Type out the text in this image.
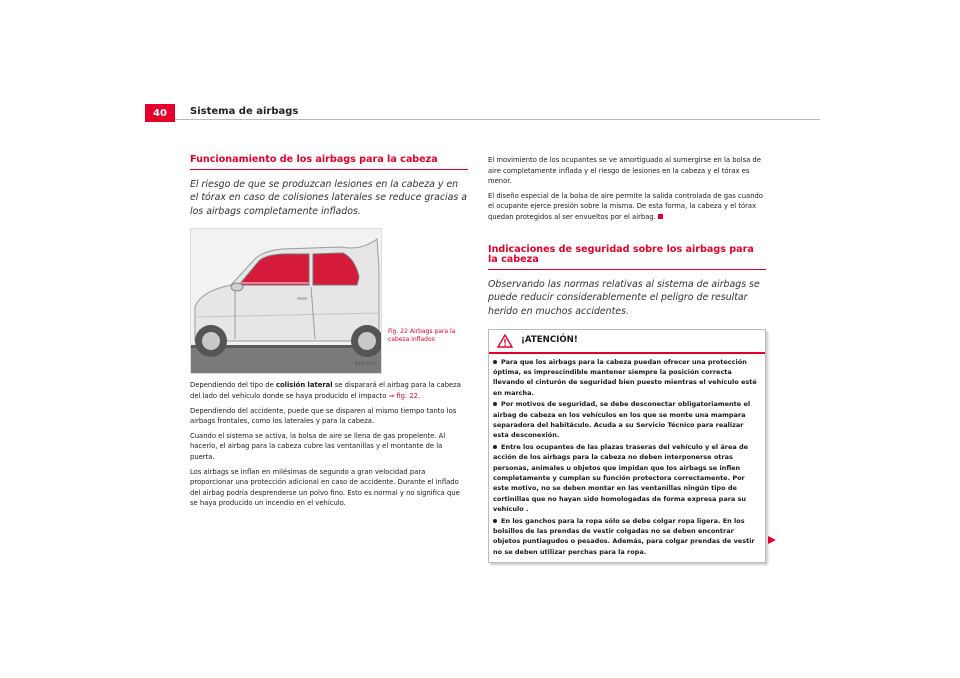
40	Sistema de airbags
Funcionamiento de los airbags para la cabeza
El riesgo de que se produzcan lesiones en la cabeza y en el tórax en caso de colisiones laterales se reduce gracias a los airbags completamente inflados.
B4U-0126
Fig. 22 Airbags para la cabeza inflados

Dependiendo del tipo de colisión lateral se disparará el airbag para la cabeza del lado del vehículo donde se haya producido el impacto ⇒ fig. 22.

Dependiendo del accidente, puede que se disparen al mismo tiempo tanto los airbags frontales, como los laterales y para la cabeza.

Cuando el sistema se activa, la bolsa de aire se llena de gas propelente. Al hacerlo, el airbag para la cabeza cubre las ventanillas y el montante de la puerta.

Los airbags se inflan en milésimas de segundo a gran velocidad para proporcionar una protección adicional en caso de accidente. Durante el inflado del airbag podría desprenderse un polvo fino. Esto es normal y no significa que se haya producido un incendio en el vehículo.

El movimiento de los ocupantes se ve amortiguado al sumergirse en la bolsa de aire completamente inflada y el riesgo de lesiones en la cabeza y el tórax es menor.

El diseño especial de la bolsa de aire permite la salida controlada de gas cuando el ocupante ejerce presión sobre la misma. De esta forma, la cabeza y el tórax quedan protegidos al ser envueltos por el airbag.

Indicaciones de seguridad sobre los airbags para la cabeza
Observando las normas relativas al sistema de airbags se puede reducir considerablemente el peligro de resultar herido en muchos accidentes.
¡ATENCIÓN!
Para que los airbags para la cabeza puedan ofrecer una protección óptima, es imprescindible mantener siempre la posición correcta llevando el cinturón de seguridad bien puesto mientras el vehículo esté en marcha.
Por motivos de seguridad, se debe desconectar obligatoriamente el airbag de cabeza en los vehículos en los que se monte una mampara separadora del habitáculo. Acuda a su Servicio Técnico para realizar esta desconexión.
Entre los ocupantes de las plazas traseras del vehículo y el área de acción de los airbags para la cabeza no deben interponerse otras personas, animales u objetos que impidan que los airbags se inflen completamente y cumplan su función protectora correctamente. Por este motivo, no se deben montar en las ventanillas ningún tipo de cortinillas que no hayan sido homologadas de forma expresa para su vehículo .
En los ganchos para la ropa sólo se debe colgar ropa ligera. En los bolsillos de las prendas de vestir colgadas no se deben encontrar objetos puntiagudos o pesados. Además, para colgar prendas de vestir no se deben utilizar perchas para la ropa.
